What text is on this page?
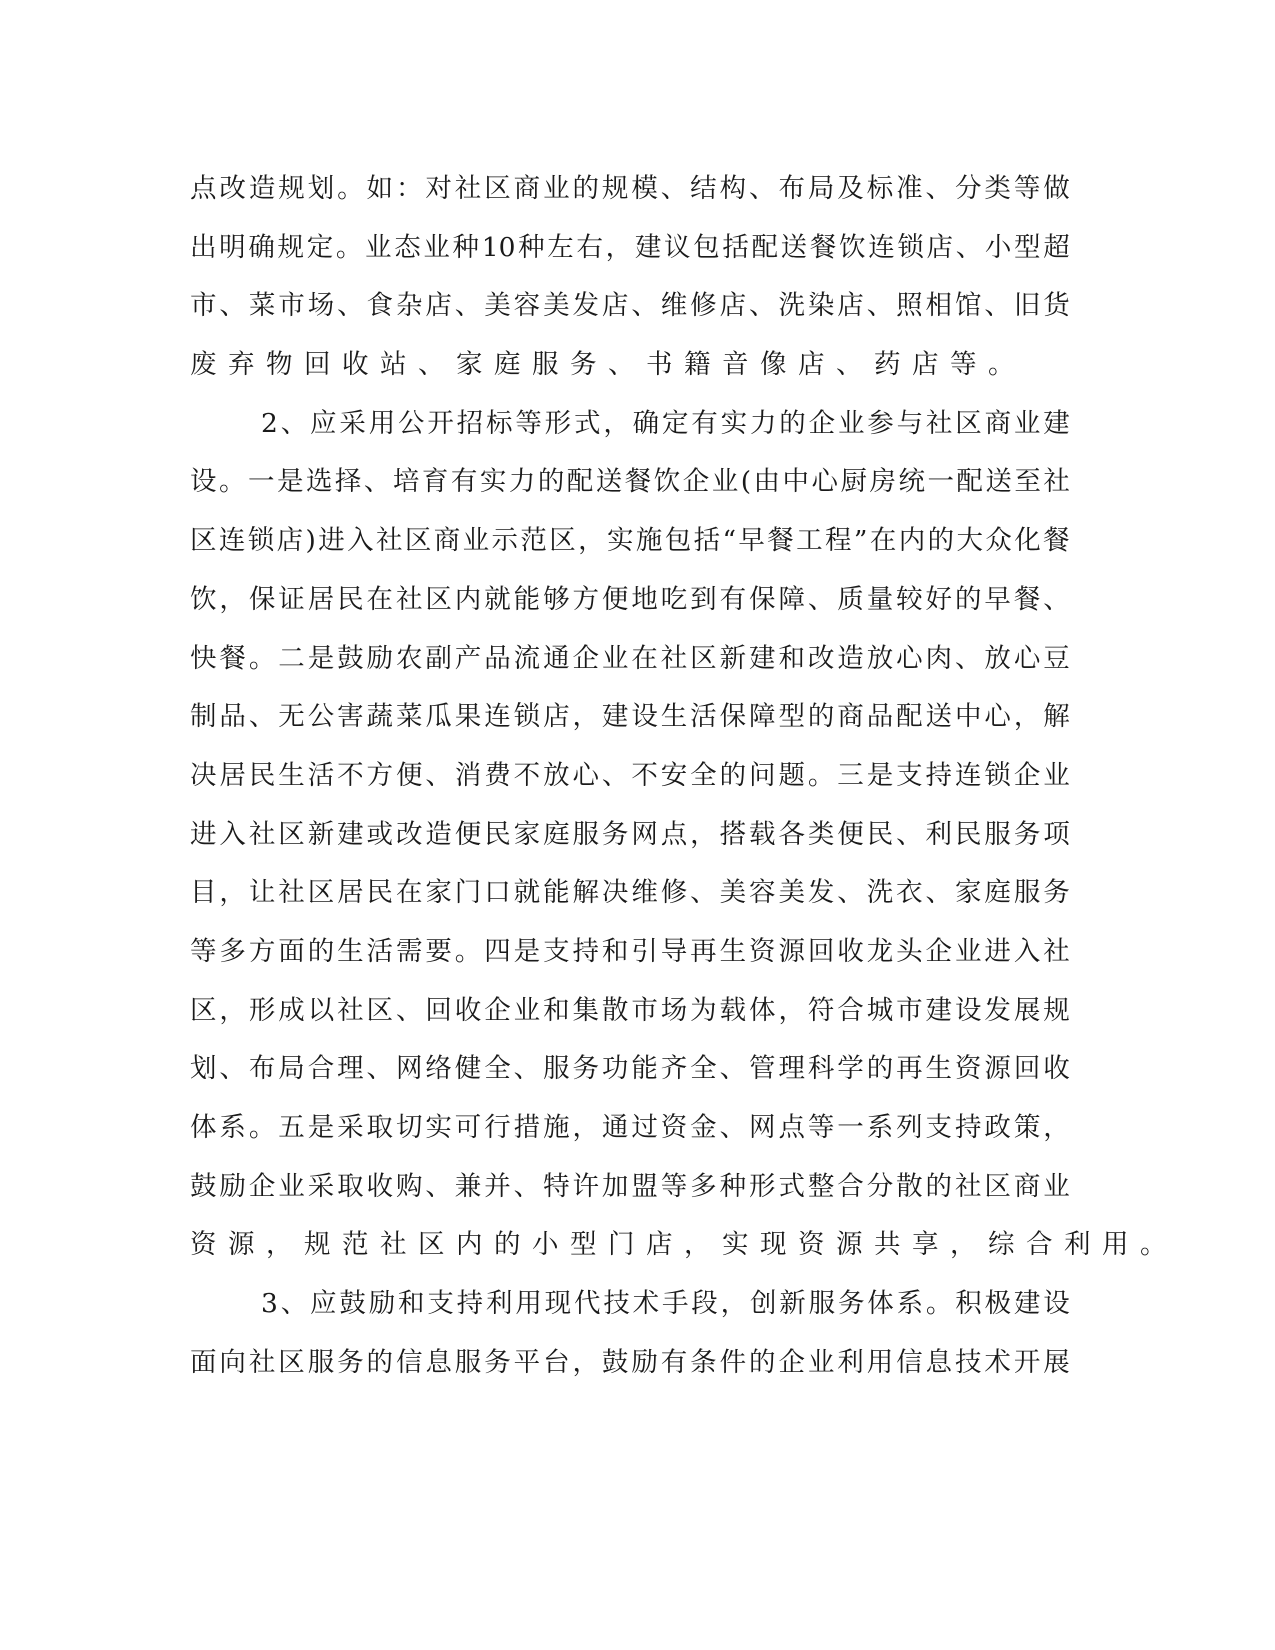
点 改 造 规 划 。 如 ： 对 社 区 商 业 的 规 模 、 结 构 、 布 局 及 标 准 、 分 类 等 做
出 明 确 规 定 。 业 态 业 种 10 种 左 右 ， 建 议 包 括 配 送 餐 饮 连 锁 店 、 小 型 超
市 、 菜 市 场 、 食 杂 店 、 美 容 美 发 店 、 维 修 店 、 洗 染 店 、 照 相 馆 、 旧 货
废弃物回收站、家庭服务、书籍音像店、药店等。
2 、 应 采 用 公 开 招 标 等 形 式 ， 确 定 有 实 力 的 企 业 参 与 社 区 商 业 建
设 。 一 是 选 择 、 培 育 有 实 力 的 配 送 餐 饮 企 业 ( 由 中 心 厨 房 统 一 配 送 至 社
区 连 锁 店 ) 进 入 社 区 商 业 示 范 区 ， 实 施 包 括 “ 早 餐 工 程 ” 在 内 的 大 众 化 餐
饮 ， 保 证 居 民 在 社 区 内 就 能 够 方 便 地 吃 到 有 保 障 、 质 量 较 好 的 早 餐 、
快 餐 。 二 是 鼓 励 农 副 产 品 流 通 企 业 在 社 区 新 建 和 改 造 放 心 肉 、 放 心 豆
制 品 、 无 公 害 蔬 菜 瓜 果 连 锁 店 ， 建 设 生 活 保 障 型 的 商 品 配 送 中 心 ， 解
决 居 民 生 活 不 方 便 、 消 费 不 放 心 、 不 安 全 的 问 题 。 三 是 支 持 连 锁 企 业
进 入 社 区 新 建 或 改 造 便 民 家 庭 服 务 网 点 ， 搭 载 各 类 便 民 、 利 民 服 务 项
目 ， 让 社 区 居 民 在 家 门 口 就 能 解 决 维 修 、 美 容 美 发 、 洗 衣 、 家 庭 服 务
等 多 方 面 的 生 活 需 要 。 四 是 支 持 和 引 导 再 生 资 源 回 收 龙 头 企 业 进 入 社
区 ， 形 成 以 社 区 、 回 收 企 业 和 集 散 市 场 为 载 体 ， 符 合 城 市 建 设 发 展 规
划 、 布 局 合 理 、 网 络 健 全 、 服 务 功 能 齐 全 、 管 理 科 学 的 再 生 资 源 回 收
体 系 。 五 是 采 取 切 实 可 行 措 施 ， 通 过 资 金 、 网 点 等 一 系 列 支 持 政 策 ，
鼓 励 企 业 采 取 收 购 、 兼 并 、 特 许 加 盟 等 多 种 形 式 整 合 分 散 的 社 区 商 业
资源，规范社区内的小型门店，实现资源共享，综合利用。
3 、 应 鼓 励 和 支 持 利 用 现 代 技 术 手 段 ， 创 新 服 务 体 系 。 积 极 建 设
面 向 社 区 服 务 的 信 息 服 务 平 台 ， 鼓 励 有 条 件 的 企 业 利 用 信 息 技 术 开 展
